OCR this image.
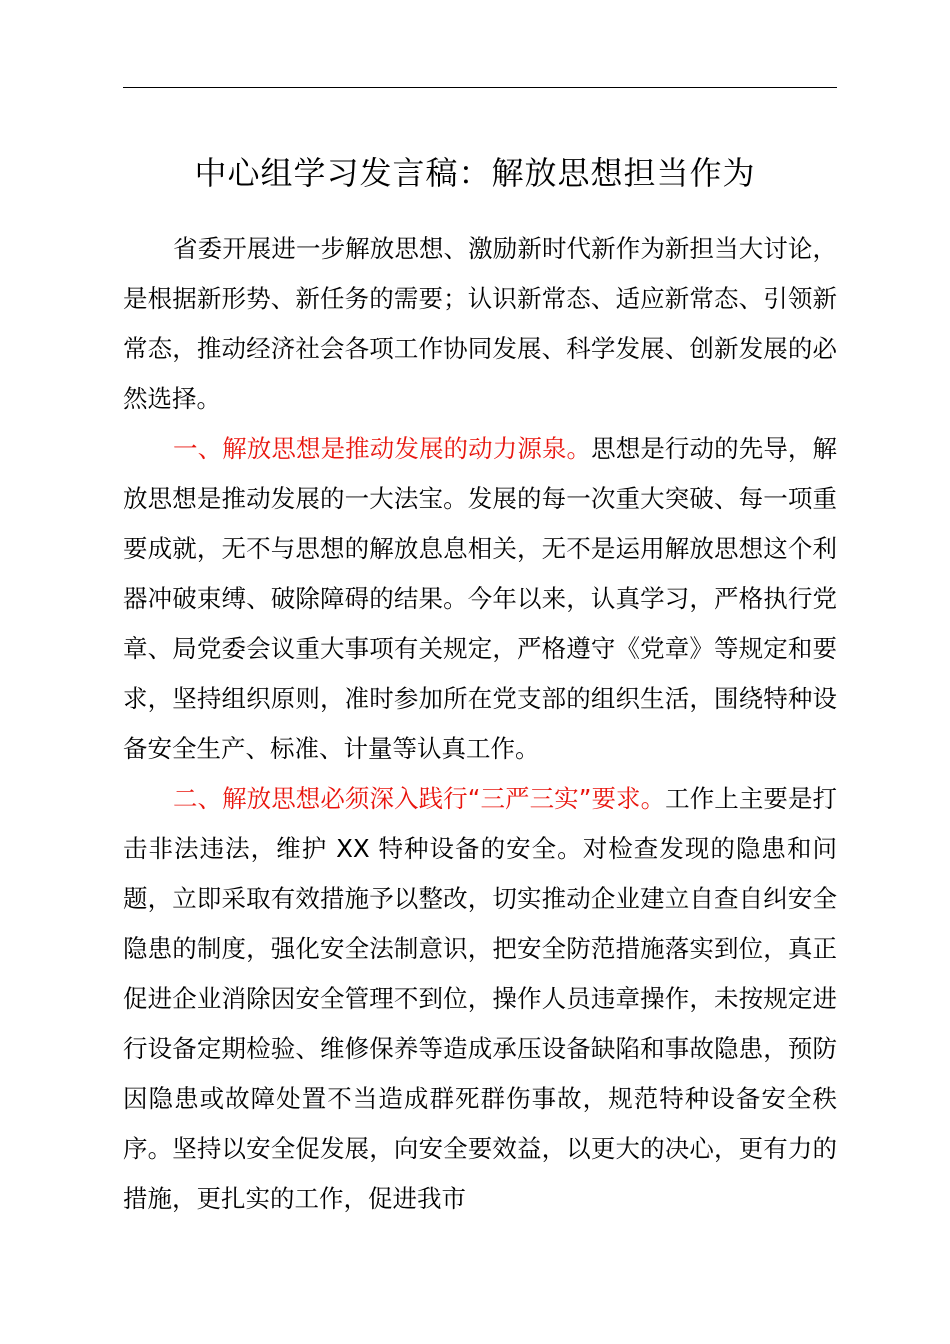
中心组学习发言稿：解放思想担当作为

省委开展进一步解放思想、激励新时代新作为新担当大讨论，是根据新形势、新任务的需要；认识新常态、适应新常态、引领新常态，推动经济社会各项工作协同发展、科学发展、创新发展的必然选择。

一、解放思想是推动发展的动力源泉。思想是行动的先导，解放思想是推动发展的一大法宝。发展的每一次重大突破、每一项重要成就，无不与思想的解放息息相关，无不是运用解放思想这个利器冲破束缚、破除障碍的结果。今年以来，认真学习，严格执行党章、局党委会议重大事项有关规定，严格遵守《党章》等规定和要求，坚持组织原则，准时参加所在党支部的组织生活，围绕特种设备安全生产、标准、计量等认真工作。

二、解放思想必须深入践行“三严三实”要求。工作上主要是打击非法违法，维护 XX 特种设备的安全。对检查发现的隐患和问题，立即采取有效措施予以整改，切实推动企业建立自查自纠安全隐患的制度，强化安全法制意识，把安全防范措施落实到位，真正促进企业消除因安全管理不到位，操作人员违章操作，未按规定进行设备定期检验、维修保养等造成承压设备缺陷和事故隐患，预防因隐患或故障处置不当造成群死群伤事故，规范特种设备安全秩序。坚持以安全促发展，向安全要效益，以更大的决心，更有力的措施，更扎实的工作，促进我市
